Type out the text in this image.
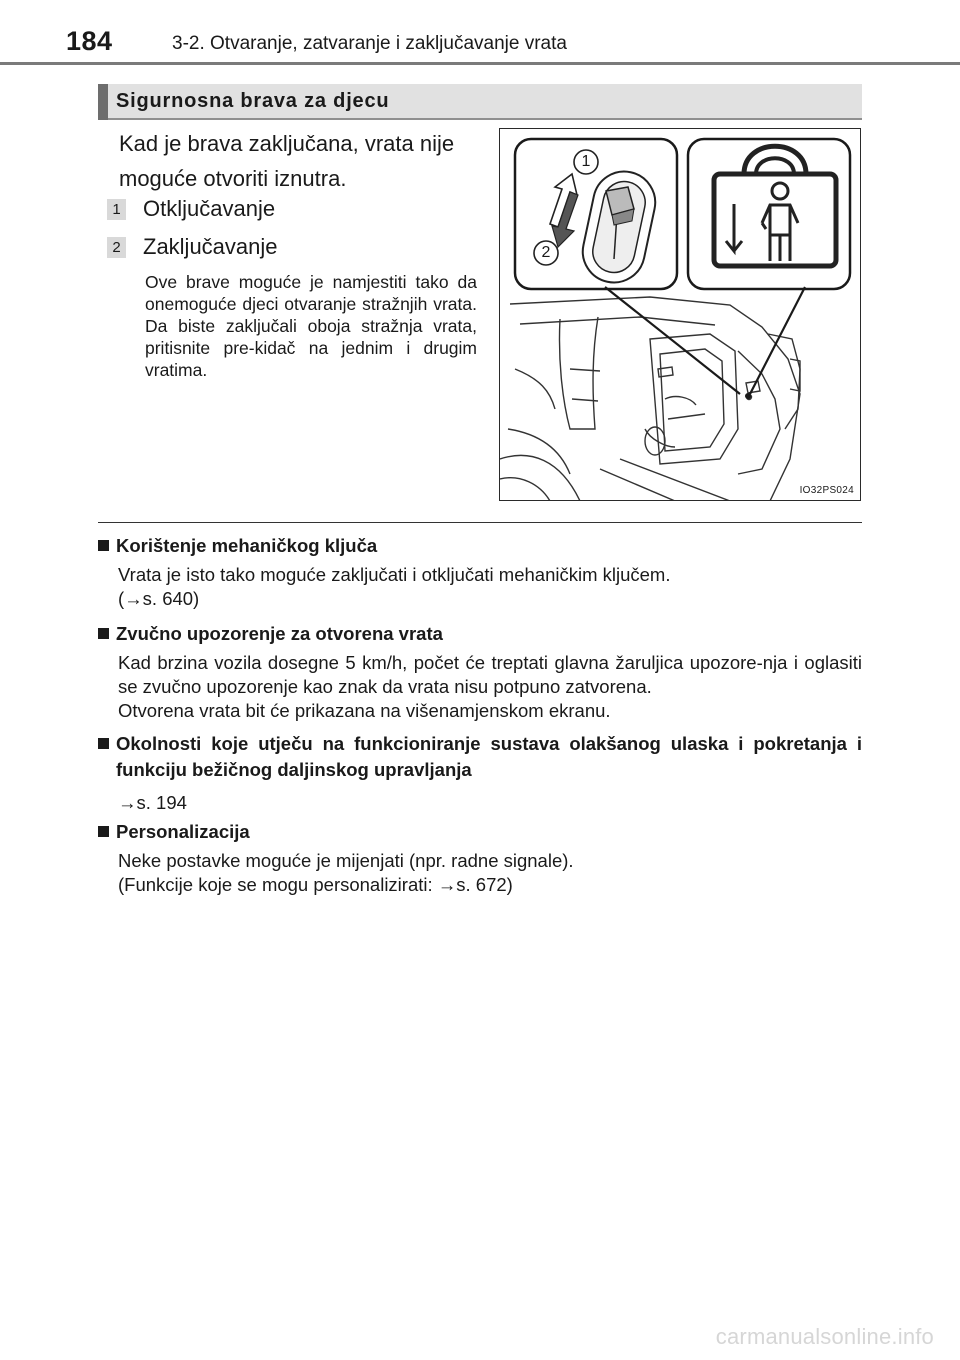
184	3-2. Otvaranje, zatvaranje i zaključavanje vrata
Sigurnosna brava za djecu
Kad je brava zaključana, vrata nije moguće otvoriti iznutra.
1 Otključavanje
2 Zaključavanje
Ove brave moguće je namjestiti tako da onemoguće djeci otvaranje stražnjih vrata. Da biste zaključali oboja stražnja vrata, pritisnite pre-kidač na jednim i drugim vratima.
1
2
IO32PS024
Korištenje mehaničkog ključa
Vrata je isto tako moguće zaključati i otključati mehaničkim ključem.
(→s. 640)
Zvučno upozorenje za otvorena vrata
Kad brzina vozila dosegne 5 km/h, počet će treptati glavna žaruljica upozore-nja i oglasiti se zvučno upozorenje kao znak da vrata nisu potpuno zatvorena.
Otvorena vrata bit će prikazana na višenamjenskom ekranu.
Okolnosti koje utječu na funkcioniranje sustava olakšanog ulaska i pokretanja i funkciju bežičnog daljinskog upravljanja
→s. 194
Personalizacija
Neke postavke moguće je mijenjati (npr. radne signale).
(Funkcije koje se mogu personalizirati: →s. 672)
carmanualsonline.info
